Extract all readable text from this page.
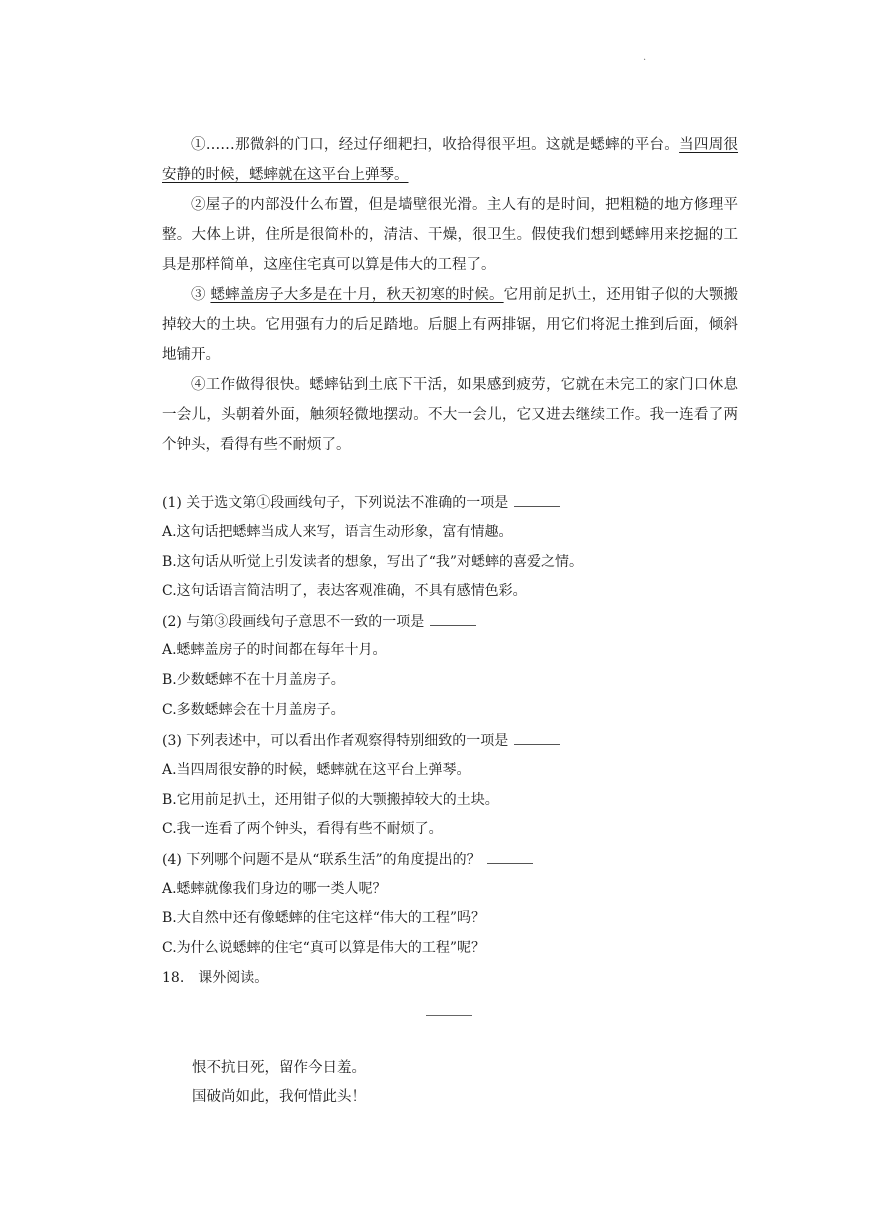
.

①……那微斜的门口，经过仔细耙扫，收拾得很平坦。这就是蟋蟀的平台。当四周很安静的时候，蟋蟀就在这平台上弹琴。

②屋子的内部没什么布置，但是墙壁很光滑。主人有的是时间，把粗糙的地方修理平整。大体上讲，住所是很简朴的，清洁、干燥，很卫生。假使我们想到蟋蟀用来挖掘的工具是那样简单，这座住宅真可以算是伟大的工程了。

③ 蟋蟀盖房子大多是在十月，秋天初寒的时候。它用前足扒土，还用钳子似的大颚搬掉较大的土块。它用强有力的后足踏地。后腿上有两排锯，用它们将泥土推到后面，倾斜地铺开。

④工作做得很快。蟋蟀钻到土底下干活，如果感到疲劳，它就在未完工的家门口休息一会儿，头朝着外面，触须轻微地摆动。不大一会儿，它又进去继续工作。我一连看了两个钟头，看得有些不耐烦了。

(1) 关于选文第①段画线句子，下列说法不准确的一项是
A.这句话把蟋蟀当成人来写，语言生动形象，富有情趣。
B.这句话从听觉上引发读者的想象，写出了“我”对蟋蟀的喜爱之情。
C.这句话语言简洁明了，表达客观准确，不具有感情色彩。
(2) 与第③段画线句子意思不一致的一项是
A.蟋蟀盖房子的时间都在每年十月。
B.少数蟋蟀不在十月盖房子。
C.多数蟋蟀会在十月盖房子。
(3) 下列表述中，可以看出作者观察得特别细致的一项是
A.当四周很安静的时候，蟋蟀就在这平台上弹琴。
B.它用前足扒土，还用钳子似的大颚搬掉较大的土块。
C.我一连看了两个钟头，看得有些不耐烦了。
(4) 下列哪个问题不是从“联系生活”的角度提出的？
A.蟋蟀就像我们身边的哪一类人呢？
B.大自然中还有像蟋蟀的住宅这样“伟大的工程”吗？
C.为什么说蟋蟀的住宅“真可以算是伟大的工程”呢？
18.　课外阅读。
恨不抗日死，留作今日羞。
国破尚如此，我何惜此头！
